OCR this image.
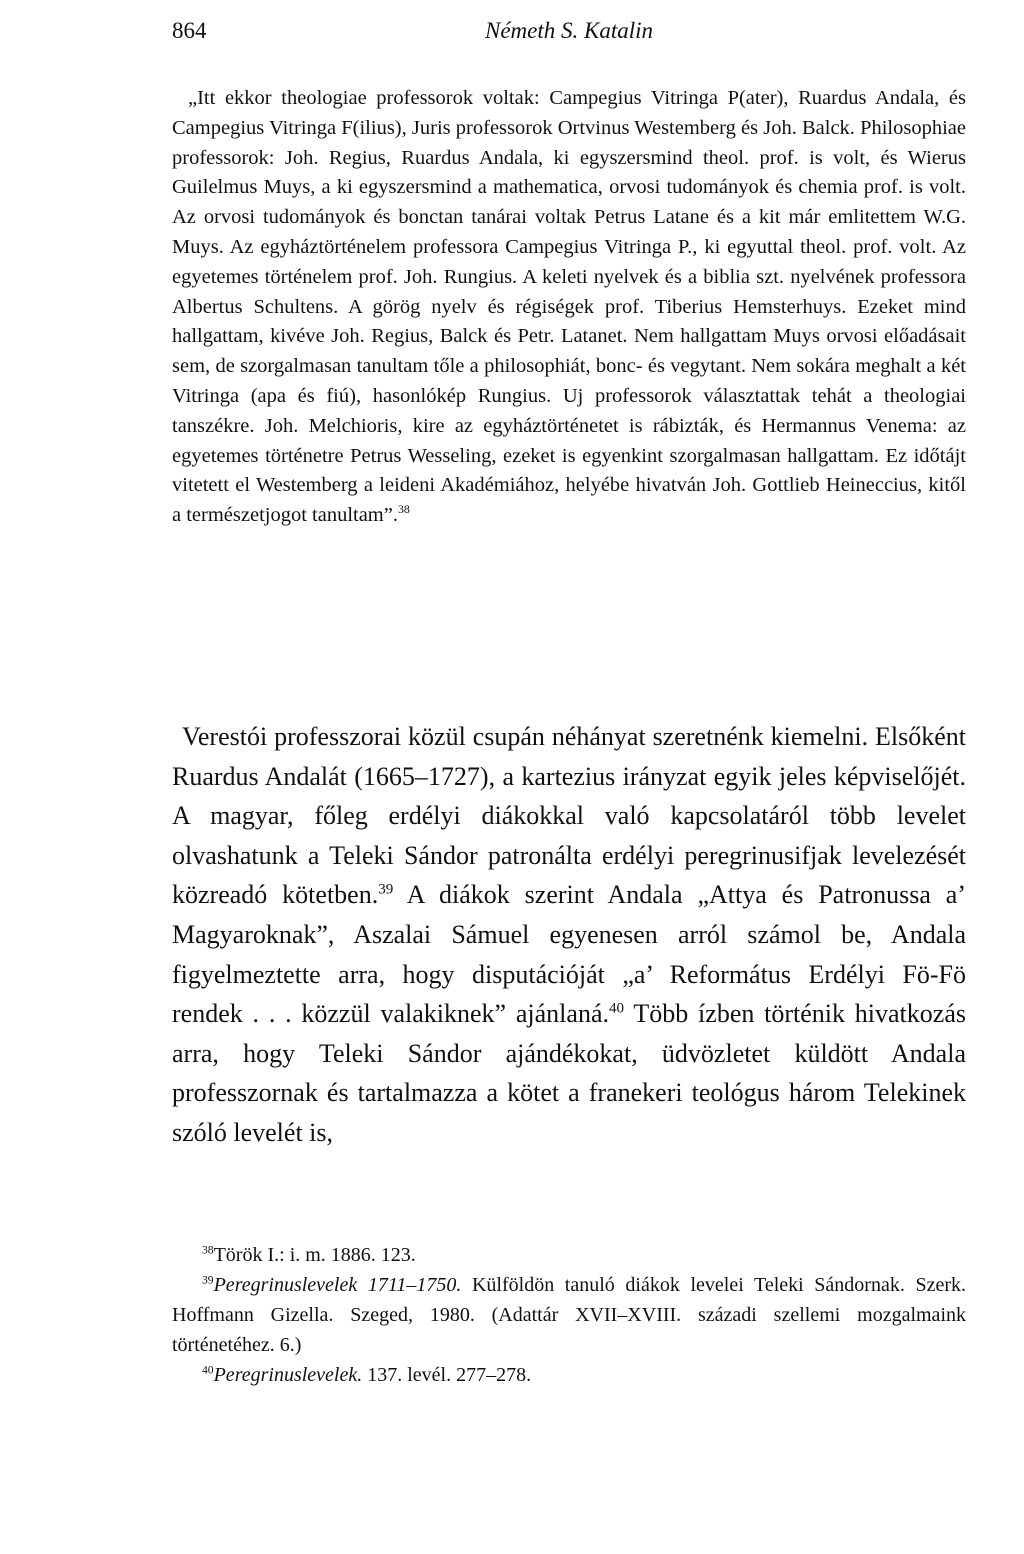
864	Németh S. Katalin

„Itt ekkor theologiae professorok voltak: Campegius Vitringa P(ater), Ruardus Andala, és Campegius Vitringa F(ilius), Juris professorok Ortvinus Westemberg és Joh. Balck. Philosophiae professorok: Joh. Regius, Ruardus Andala, ki egyszersmind theol. prof. is volt, és Wierus Guilelmus Muys, a ki egyszersmind a mathematica, orvosi tudományok és chemia prof. is volt. Az orvosi tudományok és bonctan tanárai voltak Petrus Latane és a kit már emlitettem W.G. Muys. Az egyháztörténelem professora Campegius Vitringa P., ki egyuttal theol. prof. volt. Az egyetemes történelem prof. Joh. Rungius. A keleti nyelvek és a biblia szt. nyelvének professora Albertus Schultens. A görög nyelv és régiségek prof. Tiberius Hemsterhuys. Ezeket mind hallgattam, kivéve Joh. Regius, Balck és Petr. Latanet. Nem hallgattam Muys orvosi előadásait sem, de szorgalmasan tanultam tőle a philosophiát, bonc- és vegytant. Nem sokára meghalt a két Vitringa (apa és fiú), hasonlókép Rungius. Uj professorok választattak tehát a theologiai tanszékre. Joh. Melchioris, kire az egyháztörténetet is rábizták, és Hermannus Venema: az egyetemes történetre Petrus Wesseling, ezeket is egyenkint szorgalmasan hallgattam. Ez időtájt vitetett el Westemberg a leideni Akadémiához, helyébe hivatván Joh. Gottlieb Heineccius, kitől a természetjogot tanultam”.$^{38}$

Verestói professzorai közül csupán néhányat szeretnénk kiemelni. Elsőként Ruardus Andalát (1665–1727), a kartezius irányzat egyik jeles képviselőjét. A magyar, főleg erdélyi diákokkal való kapcsolatáról több levelet olvashatunk a Teleki Sándor patronálta erdélyi peregrinusifjak levelezését közreadó kötetben.$^{39}$ A diákok szerint Andala „Attya és Patronussa a’ Magyaroknak”, Aszalai Sámuel egyenesen arról számol be, Andala figyelmeztette arra, hogy disputációját „a’ Református Erdélyi Fö-Fö rendek . . . közzül valakiknek” ajánlaná.$^{40}$ Több ízben történik hivatkozás arra, hogy Teleki Sándor ajándékokat, üdvözletet küldött Andala professzornak és tartalmazza a kötet a franekeri teológus három Telekinek szóló levelét is,

$^{38}$Török I.: i. m. 1886. 123.

$^{39}$Peregrinuslevelek 1711–1750. Külföldön tanuló diákok levelei Teleki Sándornak. Szerk. Hoffmann Gizella. Szeged, 1980. (Adattár XVII–XVIII. századi szellemi mozgalmaink történetéhez. 6.)

$^{40}$Peregrinuslevelek. 137. levél. 277–278.
